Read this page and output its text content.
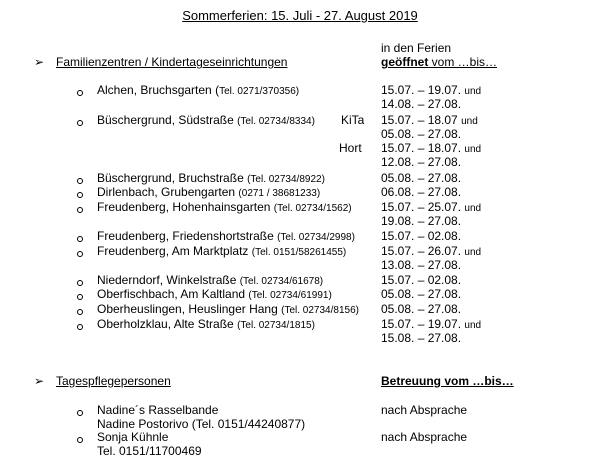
Sommerferien: 15. Juli - 27. August 2019
in den Ferien
➢ Familienzentren / Kindertageseinrichtungen	geöffnet vom …bis…
Alchen, Bruchsgarten (Tel. 0271/370356)	15.07. – 19.07. und
14.08. – 27.08.
Büschergrund, Südstraße (Tel. 02734/8334) KiTa 15.07. – 18.07 und
05.08. – 27.08.
Hort 15.07. – 18.07. und
12.08. – 27.08.
Büschergrund, Bruchstraße (Tel. 02734/8922)	05.08. – 27.08.
Dirlenbach, Grubengarten (0271 / 38681233)	06.08. – 27.08.
Freudenberg, Hohenhainsgarten (Tel. 02734/1562) 15.07. – 25.07. und
19.08. – 27.08.
Freudenberg, Friedenshortstraße (Tel. 02734/2998) 15.07. – 02.08.
Freudenberg, Am Marktplatz (Tel. 0151/58261455)	15.07. – 26.07. und
13.08. – 27.08.
Niederndorf, Winkelstraße (Tel. 02734/61678)	15.07. – 02.08.
Oberfischbach, Am Kaltland (Tel. 02734/61991)	05.08. – 27.08.
Oberheuslingen, Heuslinger Hang (Tel. 02734/8156) 05.08. – 27.08.
Oberholzklau, Alte Straße (Tel. 02734/1815)	15.07. – 19.07. und
15.08. – 27.08.
➢ Tagespflegepersonen	Betreuung vom …bis…
Nadine´s Rasselbande
Nadine Postorivo (Tel. 0151/44240877)
nach Absprache
Sonja Kühnle
Tel. 0151/11700469
nach Absprache
